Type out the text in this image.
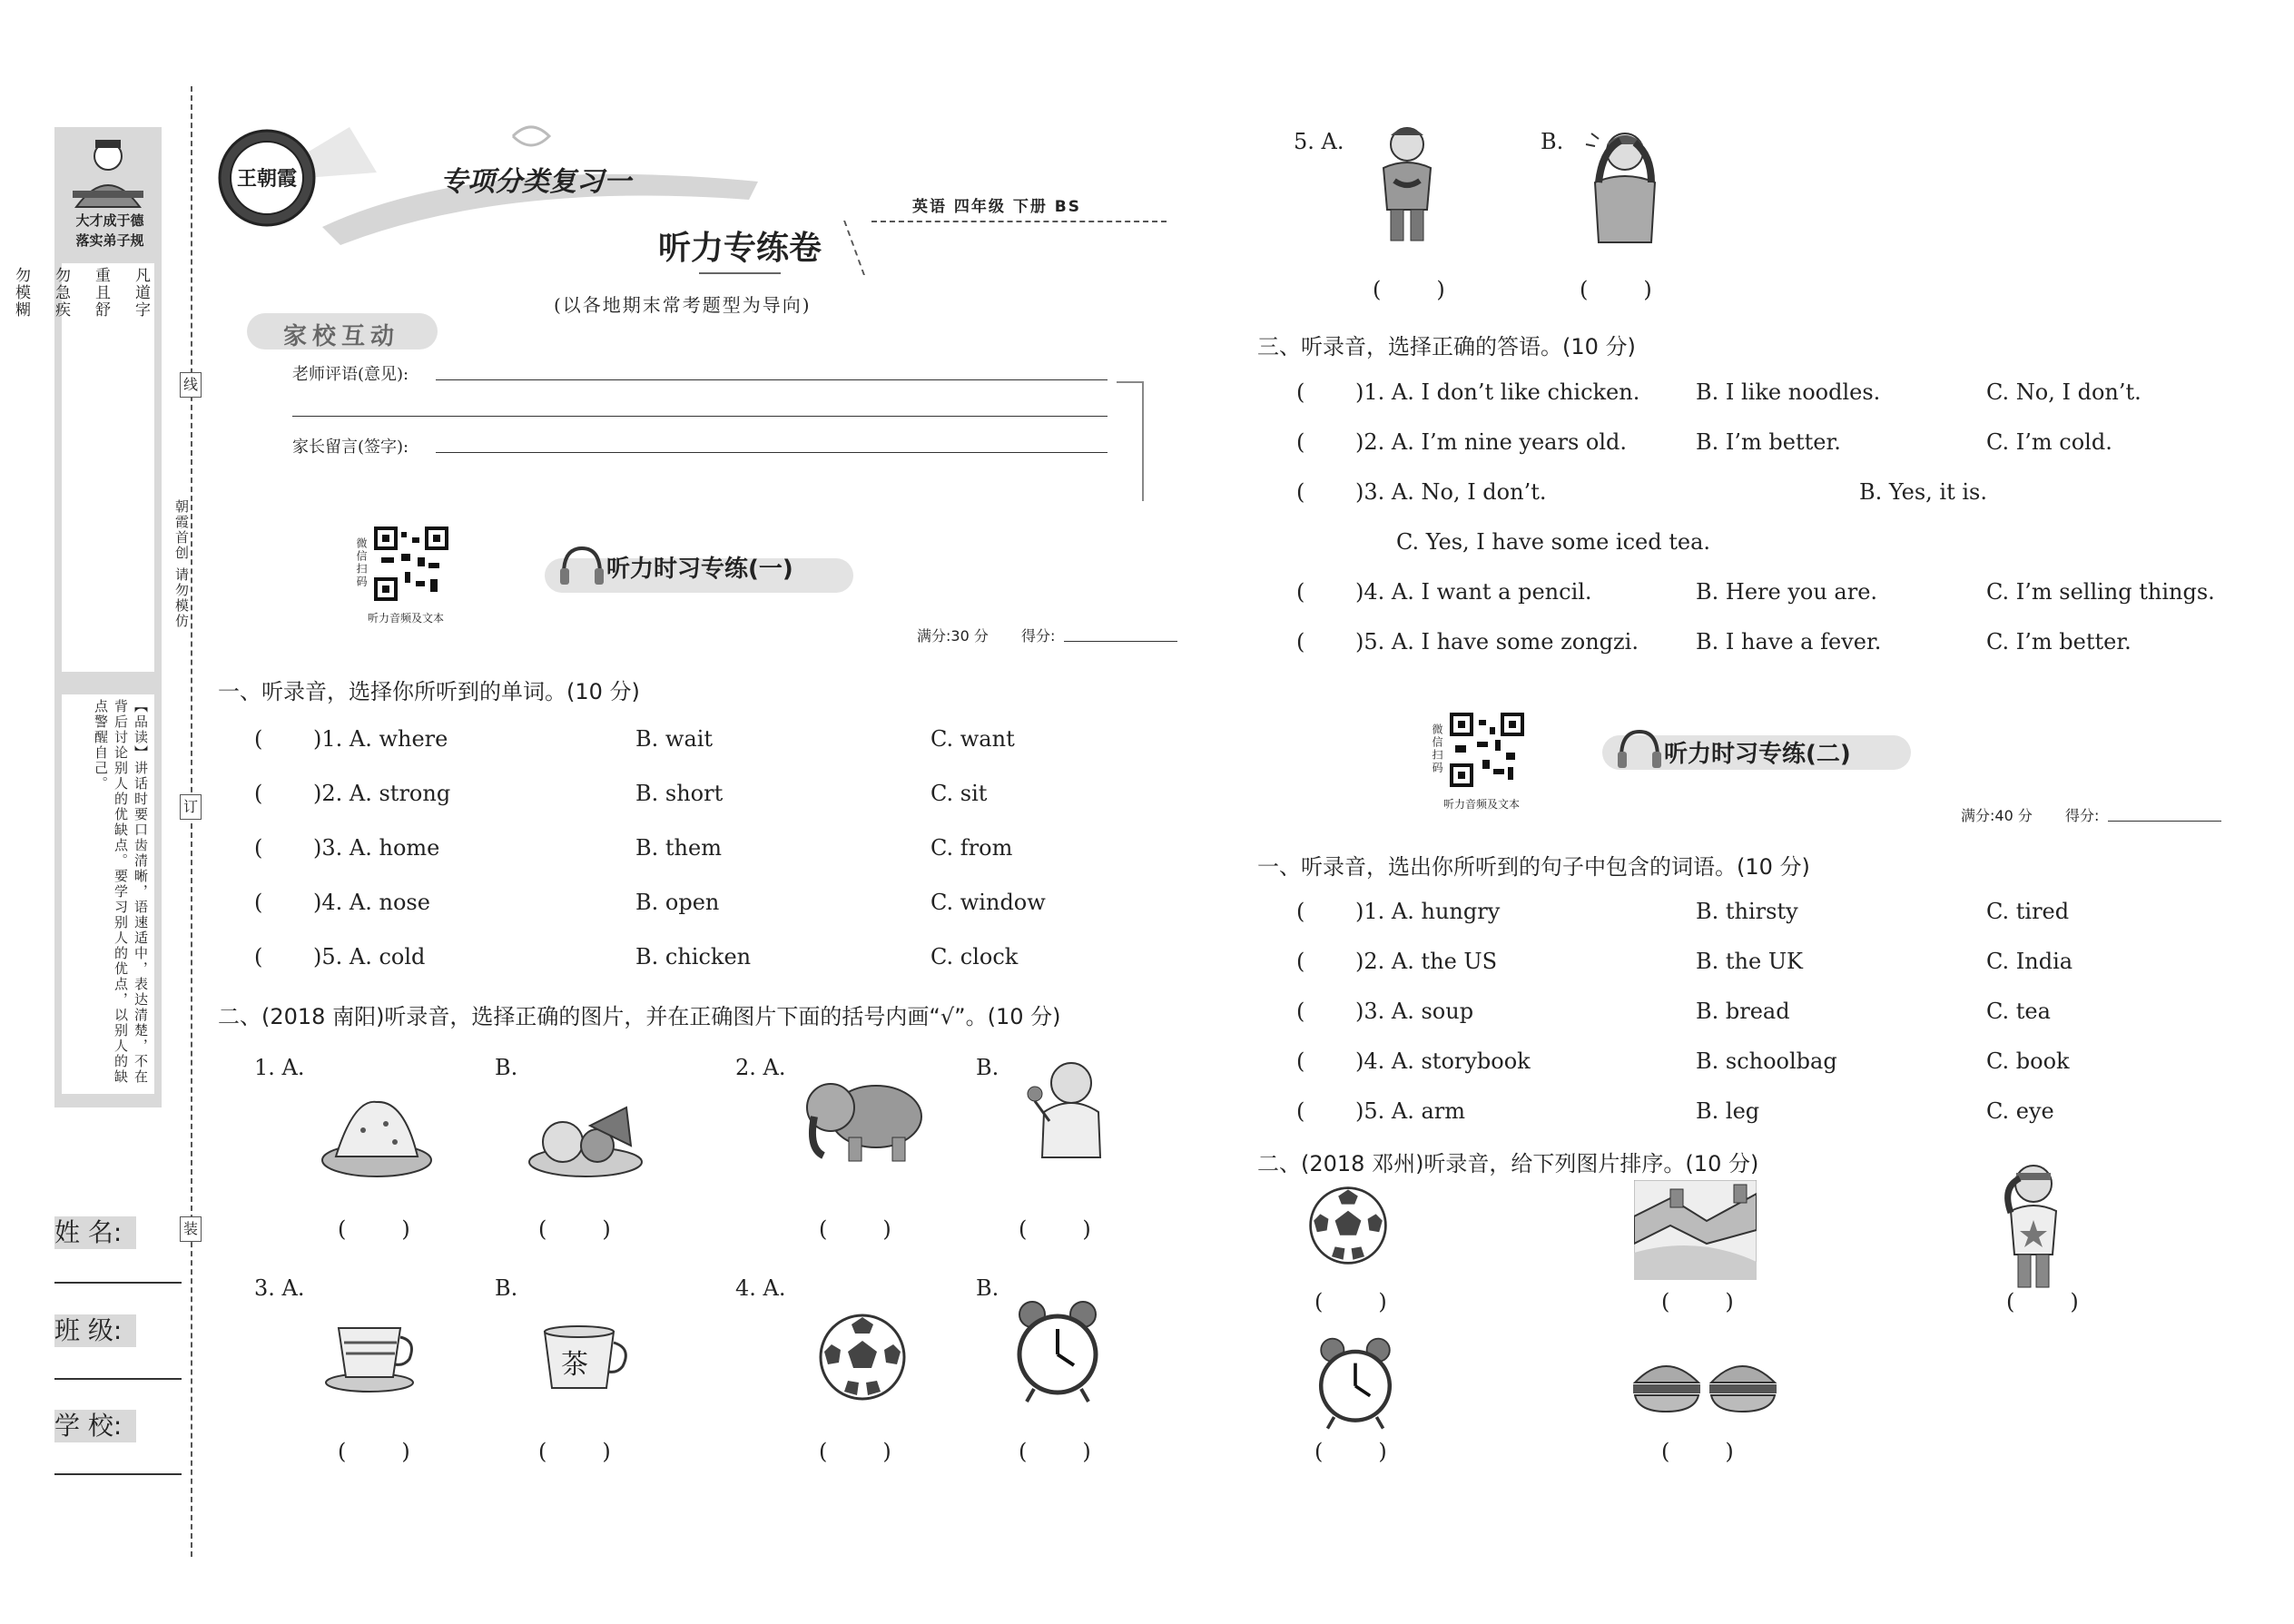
大才成于德
落实弟子规
凡道字

重且舒

勿急疾

勿模糊

【品读】讲话时要口齿清晰，语速适中，表达清楚，不在背后讨论别人的优缺点。要学习别人的优点，以别人的缺点警醒自己。
线
订
装
朝霞首创 请勿模仿
姓 名:
班 级:
学 校:
王朝霞	专项分类复习一
英语 四年级 下册 BS
听力专练卷
(以各地期末常考题型为导向)
家校互动
老师评语(意见):
家长留言(签字):
微信扫码
听力音频及文本
听力时习专练(一)
满分:30 分 得分:
一、听录音，选择你所听到的单词。(10 分)
( )1. A. where	B. wait	C. want
( )2. A. strong	B. short	C. sit
( )3. A. home	B. them	C. from
( )4. A. nose	B. open	C. window
( )5. A. cold	B. chicken	C. clock
二、(2018 南阳)听录音，选择正确的图片，并在正确图片下面的括号内画“√”。(10 分)
1. A.	B.	2. A.	B.
(        )	(        )	(        )	(        )
3. A.	B.	4. A.	B.
茶
(        )	(        )	(        )	(        )
5. A.	B.
(        )	(        )
三、听录音，选择正确的答语。(10 分)
( )1. A. I don’t like chicken.	B. I like noodles.	C. No, I don’t.
( )2. A. I’m nine years old.	B. I’m better.	C. I’m cold.
( )3. A. No, I don’t.	B. Yes, it is.
C. Yes, I have some iced tea.
( )4. A. I want a pencil.	B. Here you are.	C. I’m selling things.
( )5. A. I have some zongzi.	B. I have a fever.	C. I’m better.
微信扫码
听力音频及文本
听力时习专练(二)
满分:40 分 得分:
一、听录音，选出你所听到的句子中包含的词语。(10 分)
( )1. A. hungry	B. thirsty	C. tired
( )2. A. the US	B. the UK	C. India
( )3. A. soup	B. bread	C. tea
( )4. A. storybook	B. schoolbag	C. book
( )5. A. arm	B. leg	C. eye
二、(2018 邓州)听录音，给下列图片排序。(10 分)
(        )	(        )	(        )
(        )	(        )
